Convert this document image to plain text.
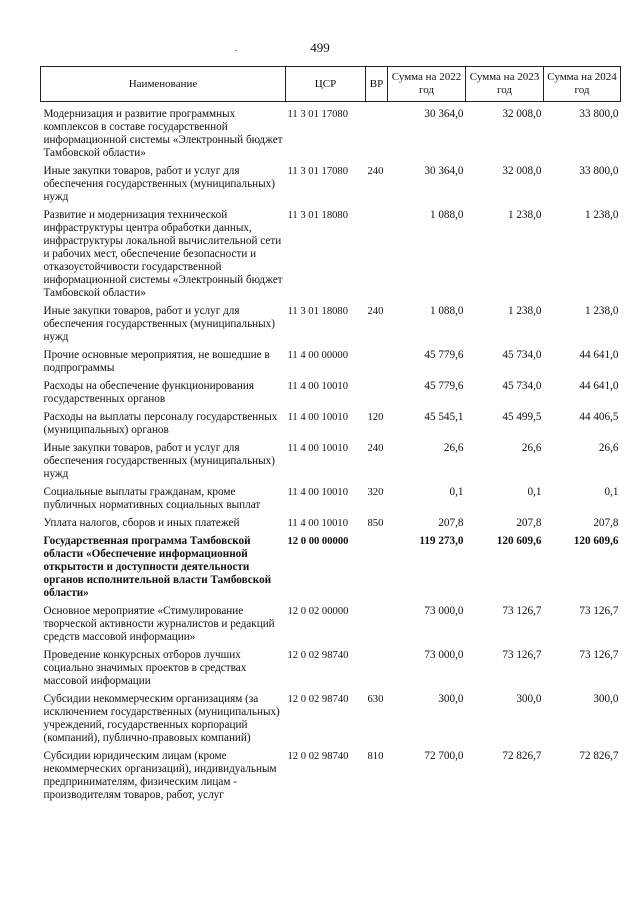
499
Наименование	ЦСР	ВР	Сумма на 2022 год	Сумма на 2023 год	Сумма на 2024 год
Модернизация и развитие программных комплексов в составе государственной информационной системы «Электронный бюджет Тамбовской области»	11 3 01 17080		30 364,0	32 008,0	33 800,0
Иные закупки товаров, работ и услуг для обеспечения государственных (муниципальных) нужд	11 3 01 17080	240	30 364,0	32 008,0	33 800,0
Развитие и модернизация технической инфраструктуры центра обработки данных, инфраструктуры локальной вычислительной сети и рабочих мест, обеспечение безопасности и отказоустойчивости государственной информационной системы «Электронный бюджет Тамбовской области»	11 3 01 18080		1 088,0	1 238,0	1 238,0
Иные закупки товаров, работ и услуг для обеспечения государственных (муниципальных) нужд	11 3 01 18080	240	1 088,0	1 238,0	1 238,0
Прочие основные мероприятия, не вошедшие в подпрограммы	11 4 00 00000		45 779,6	45 734,0	44 641,0
Расходы на обеспечение функционирования государственных органов	11 4 00 10010		45 779,6	45 734,0	44 641,0
Расходы на выплаты персоналу государственных (муниципальных) органов	11 4 00 10010	120	45 545,1	45 499,5	44 406,5
Иные закупки товаров, работ и услуг для обеспечения государственных (муниципальных) нужд	11 4 00 10010	240	26,6	26,6	26,6
Социальные выплаты гражданам, кроме публичных нормативных социальных выплат	11 4 00 10010	320	0,1	0,1	0,1
Уплата налогов, сборов и иных платежей	11 4 00 10010	850	207,8	207,8	207,8
Государственная программа Тамбовской области «Обеспечение информационной открытости и доступности деятельности органов исполнительной власти Тамбовской области»	12 0 00 00000		119 273,0	120 609,6	120 609,6
Основное мероприятие «Стимулирование творческой активности журналистов и редакций средств массовой информации»	12 0 02 00000		73 000,0	73 126,7	73 126,7
Проведение конкурсных отборов лучших социально значимых проектов в средствах массовой информации	12 0 02 98740		73 000,0	73 126,7	73 126,7
Субсидии некоммерческим организациям (за исключением государственных (муниципальных) учреждений, государственных корпораций (компаний), публично-правовых компаний)	12 0 02 98740	630	300,0	300,0	300,0
Субсидии юридическим лицам (кроме некоммерческих организаций), индивидуальным предпринимателям, физическим лицам - производителям товаров, работ, услуг	12 0 02 98740	810	72 700,0	72 826,7	72 826,7
